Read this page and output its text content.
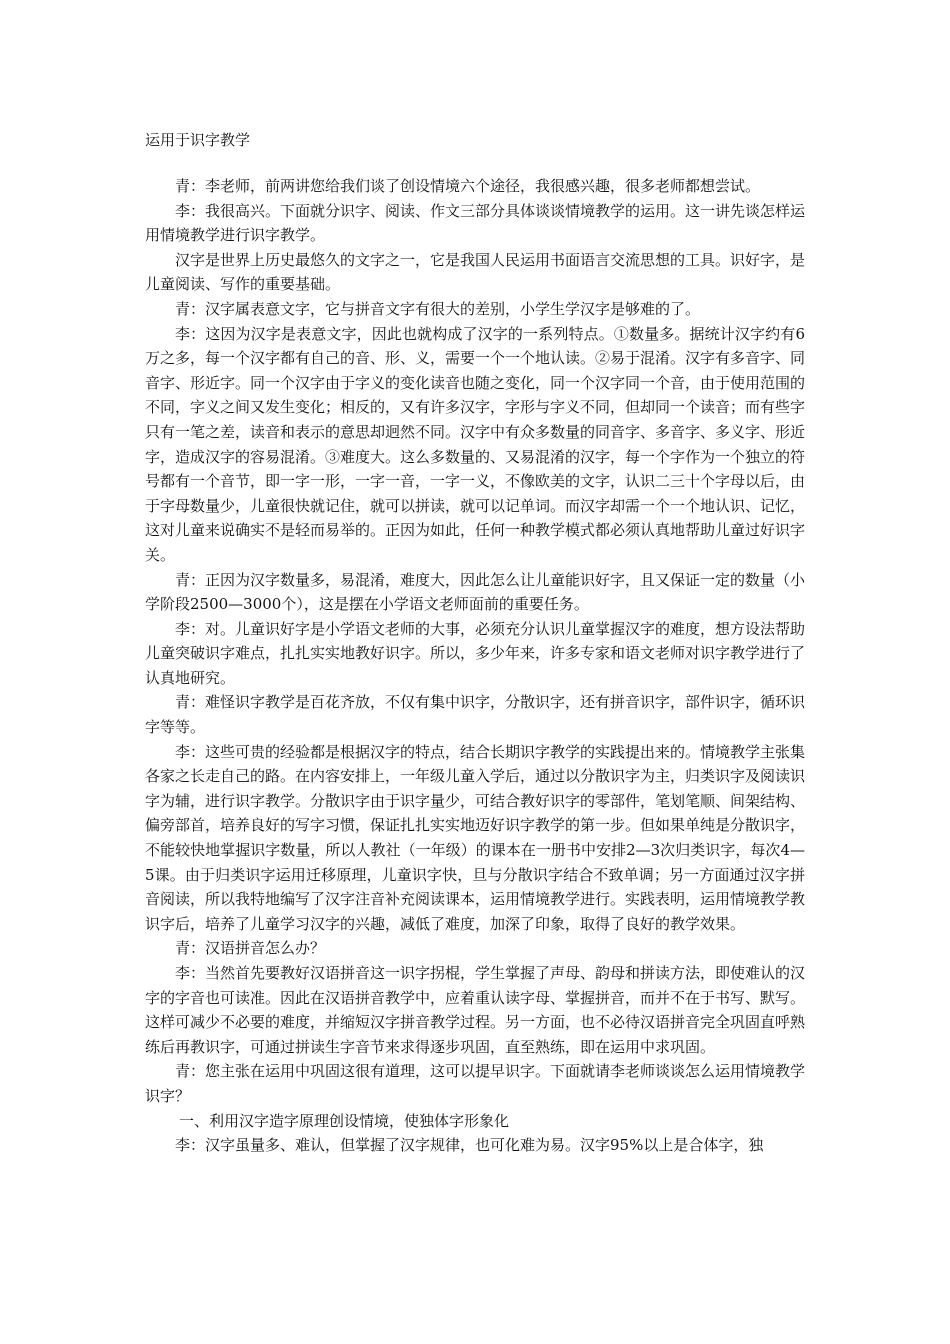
运用于识字教学

青：李老师，前两讲您给我们谈了创设情境六个途径，我很感兴趣，很多老师都想尝试。

李：我很高兴。下面就分识字、阅读、作文三部分具体谈谈情境教学的运用。这一讲先谈怎样运用情境教学进行识字教学。

汉字是世界上历史最悠久的文字之一，它是我国人民运用书面语言交流思想的工具。识好字，是儿童阅读、写作的重要基础。

青：汉字属表意文字，它与拼音文字有很大的差别，小学生学汉字是够难的了。

李：这因为汉字是表意文字，因此也就构成了汉字的一系列特点。①数量多。据统计汉字约有6万之多，每一个汉字都有自己的音、形、义，需要一个一个地认读。②易于混淆。汉字有多音字、同音字、形近字。同一个汉字由于字义的变化读音也随之变化，同一个汉字同一个音，由于使用范围的不同，字义之间又发生变化；相反的，又有许多汉字，字形与字义不同，但却同一个读音；而有些字只有一笔之差，读音和表示的意思却迥然不同。汉字中有众多数量的同音字、多音字、多义字、形近字，造成汉字的容易混淆。③难度大。这么多数量的、又易混淆的汉字，每一个字作为一个独立的符号都有一个音节，即一字一形，一字一音，一字一义，不像欧美的文字，认识二三十个字母以后，由于字母数量少，儿童很快就记住，就可以拼读，就可以记单词。而汉字却需一个一个地认识、记忆，这对儿童来说确实不是轻而易举的。正因为如此，任何一种教学模式都必须认真地帮助儿童过好识字关。

青：正因为汉字数量多，易混淆，难度大，因此怎么让儿童能识好字，且又保证一定的数量（小学阶段2500—3000个），这是摆在小学语文老师面前的重要任务。

李：对。儿童识好字是小学语文老师的大事，必须充分认识儿童掌握汉字的难度，想方设法帮助儿童突破识字难点，扎扎实实地教好识字。所以，多少年来，许多专家和语文老师对识字教学进行了认真地研究。

青：难怪识字教学是百花齐放，不仅有集中识字，分散识字，还有拼音识字，部件识字，循环识字等等。

李：这些可贵的经验都是根据汉字的特点，结合长期识字教学的实践提出来的。情境教学主张集各家之长走自己的路。在内容安排上，一年级儿童入学后，通过以分散识字为主，归类识字及阅读识字为辅，进行识字教学。分散识字由于识字量少，可结合教好识字的零部件，笔划笔顺、间架结构、偏旁部首，培养良好的写字习惯，保证扎扎实实地迈好识字教学的第一步。但如果单纯是分散识字，不能较快地掌握识字数量，所以人教社（一年级）的课本在一册书中安排2—3次归类识字，每次4—5课。由于归类识字运用迁移原理，儿童识字快，旦与分散识字结合不致单调；另一方面通过汉字拼音阅读，所以我特地编写了汉字注音补充阅读课本，运用情境教学进行。实践表明，运用情境教学教识字后，培养了儿童学习汉字的兴趣，减低了难度，加深了印象，取得了良好的教学效果。

青：汉语拼音怎么办？

李：当然首先要教好汉语拼音这一识字拐棍，学生掌握了声母、韵母和拼读方法，即使难认的汉字的字音也可读准。因此在汉语拼音教学中，应着重认读字母、掌握拼音，而并不在于书写、默写。这样可减少不必要的难度，并缩短汉字拼音教学过程。另一方面，也不必待汉语拼音完全巩固直呼熟练后再教识字，可通过拼读生字音节来求得逐步巩固，直至熟练，即在运用中求巩固。

青：您主张在运用中巩固这很有道理，这可以提早识字。下面就请李老师谈谈怎么运用情境教学识字？

一、利用汉字造字原理创设情境，使独体字形象化

李：汉字虽量多、难认，但掌握了汉字规律，也可化难为易。汉字95%以上是合体字，独
